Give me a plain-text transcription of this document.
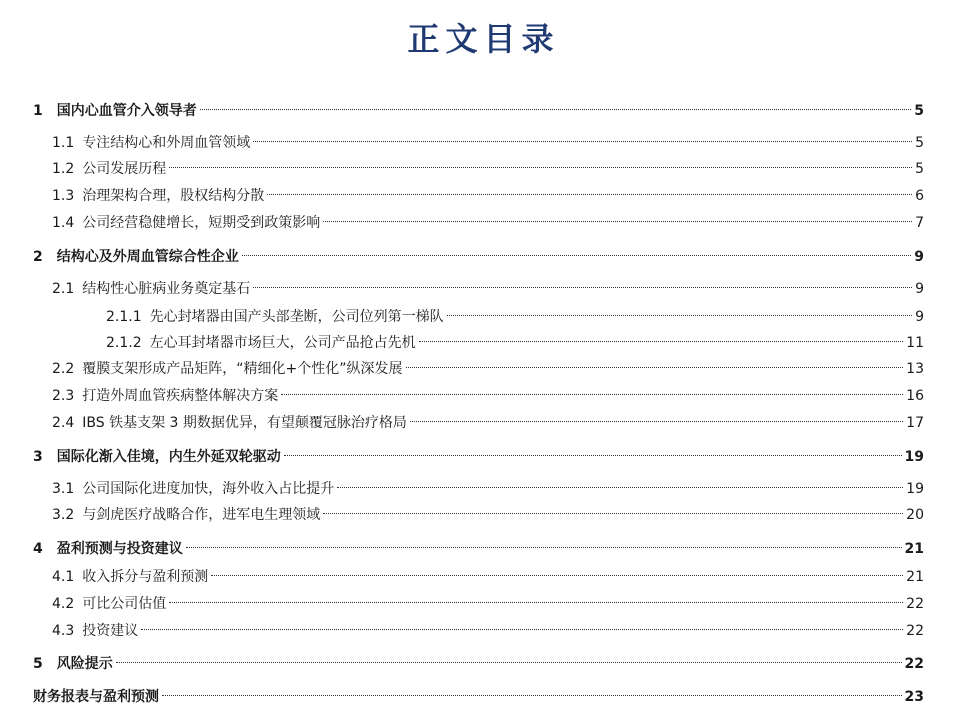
正文目录
1 国内心血管介入领导者	5
1.1 专注结构心和外周血管领域	5
1.2 公司发展历程	5
1.3 治理架构合理，股权结构分散	6
1.4 公司经营稳健增长，短期受到政策影响	7
2 结构心及外周血管综合性企业	9
2.1 结构性心脏病业务奠定基石	9
2.1.1 先心封堵器由国产头部垄断，公司位列第一梯队	9
2.1.2 左心耳封堵器市场巨大，公司产品抢占先机	11
2.2 覆膜支架形成产品矩阵，“精细化+个性化”纵深发展	13
2.3 打造外周血管疾病整体解决方案	16
2.4 IBS 铁基支架 3 期数据优异，有望颠覆冠脉治疗格局	17
3 国际化渐入佳境，内生外延双轮驱动	19
3.1 公司国际化进度加快，海外收入占比提升	19
3.2 与剑虎医疗战略合作，进军电生理领域	20
4 盈利预测与投资建议	21
4.1 收入拆分与盈利预测	21
4.2 可比公司估值	22
4.3 投资建议	22
5 风险提示	22
财务报表与盈利预测	23
